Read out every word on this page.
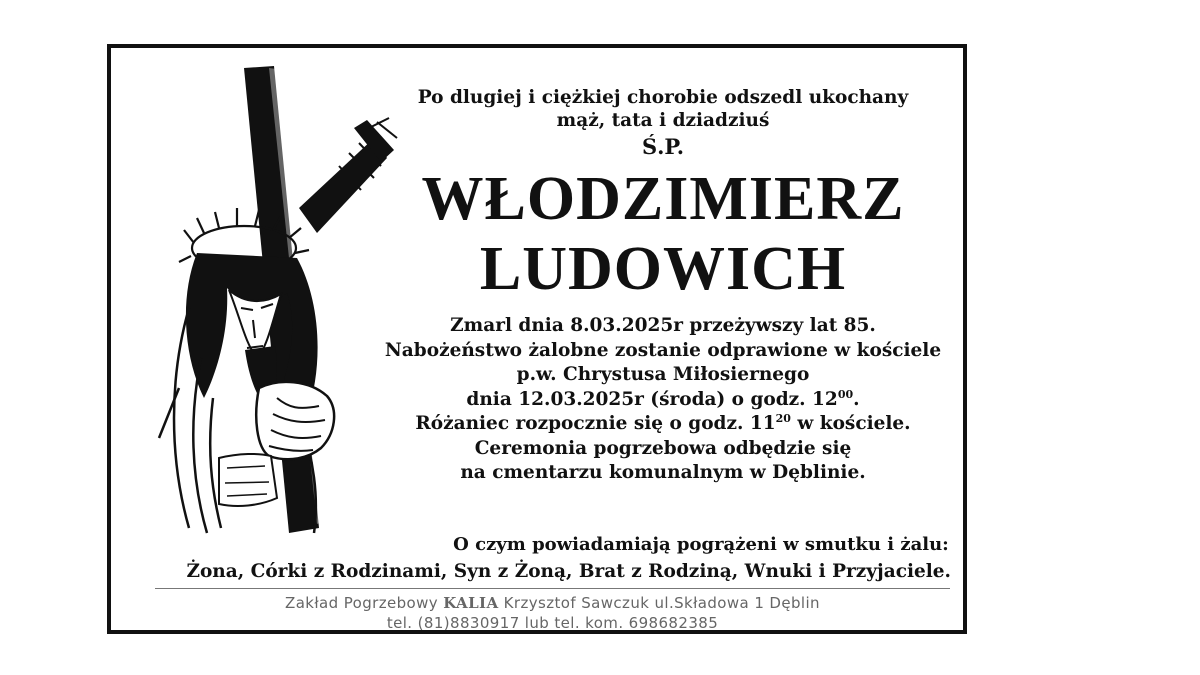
Po dlugiej i ciężkiej chorobie odszedl ukochany
mąż, tata i dziadziuś
Ś.P.
WŁODZIMIERZ
LUDOWICH
Zmarl dnia 8.03.2025r przeżywszy lat 85.
Nabożeństwo żalobne zostanie odprawione w kościele
p.w. Chrystusa Miłosiernego
dnia 12.03.2025r (środa) o godz. $12^{00}$.
Różaniec rozpocznie się o godz. $11^{20}$ w kościele.
Ceremonia pogrzebowa odbędzie się
na cmentarzu komunalnym w Dęblinie.
O czym powiadamiają pogrążeni w smutku i żalu:
Żona, Córki z Rodzinami, Syn z Żoną, Brat z Rodziną, Wnuki i Przyjaciele.
Zakład Pogrzebowy KALIA Krzysztof Sawczuk ul.Składowa 1 Dęblin
tel. (81)8830917 lub tel. kom. 698682385
